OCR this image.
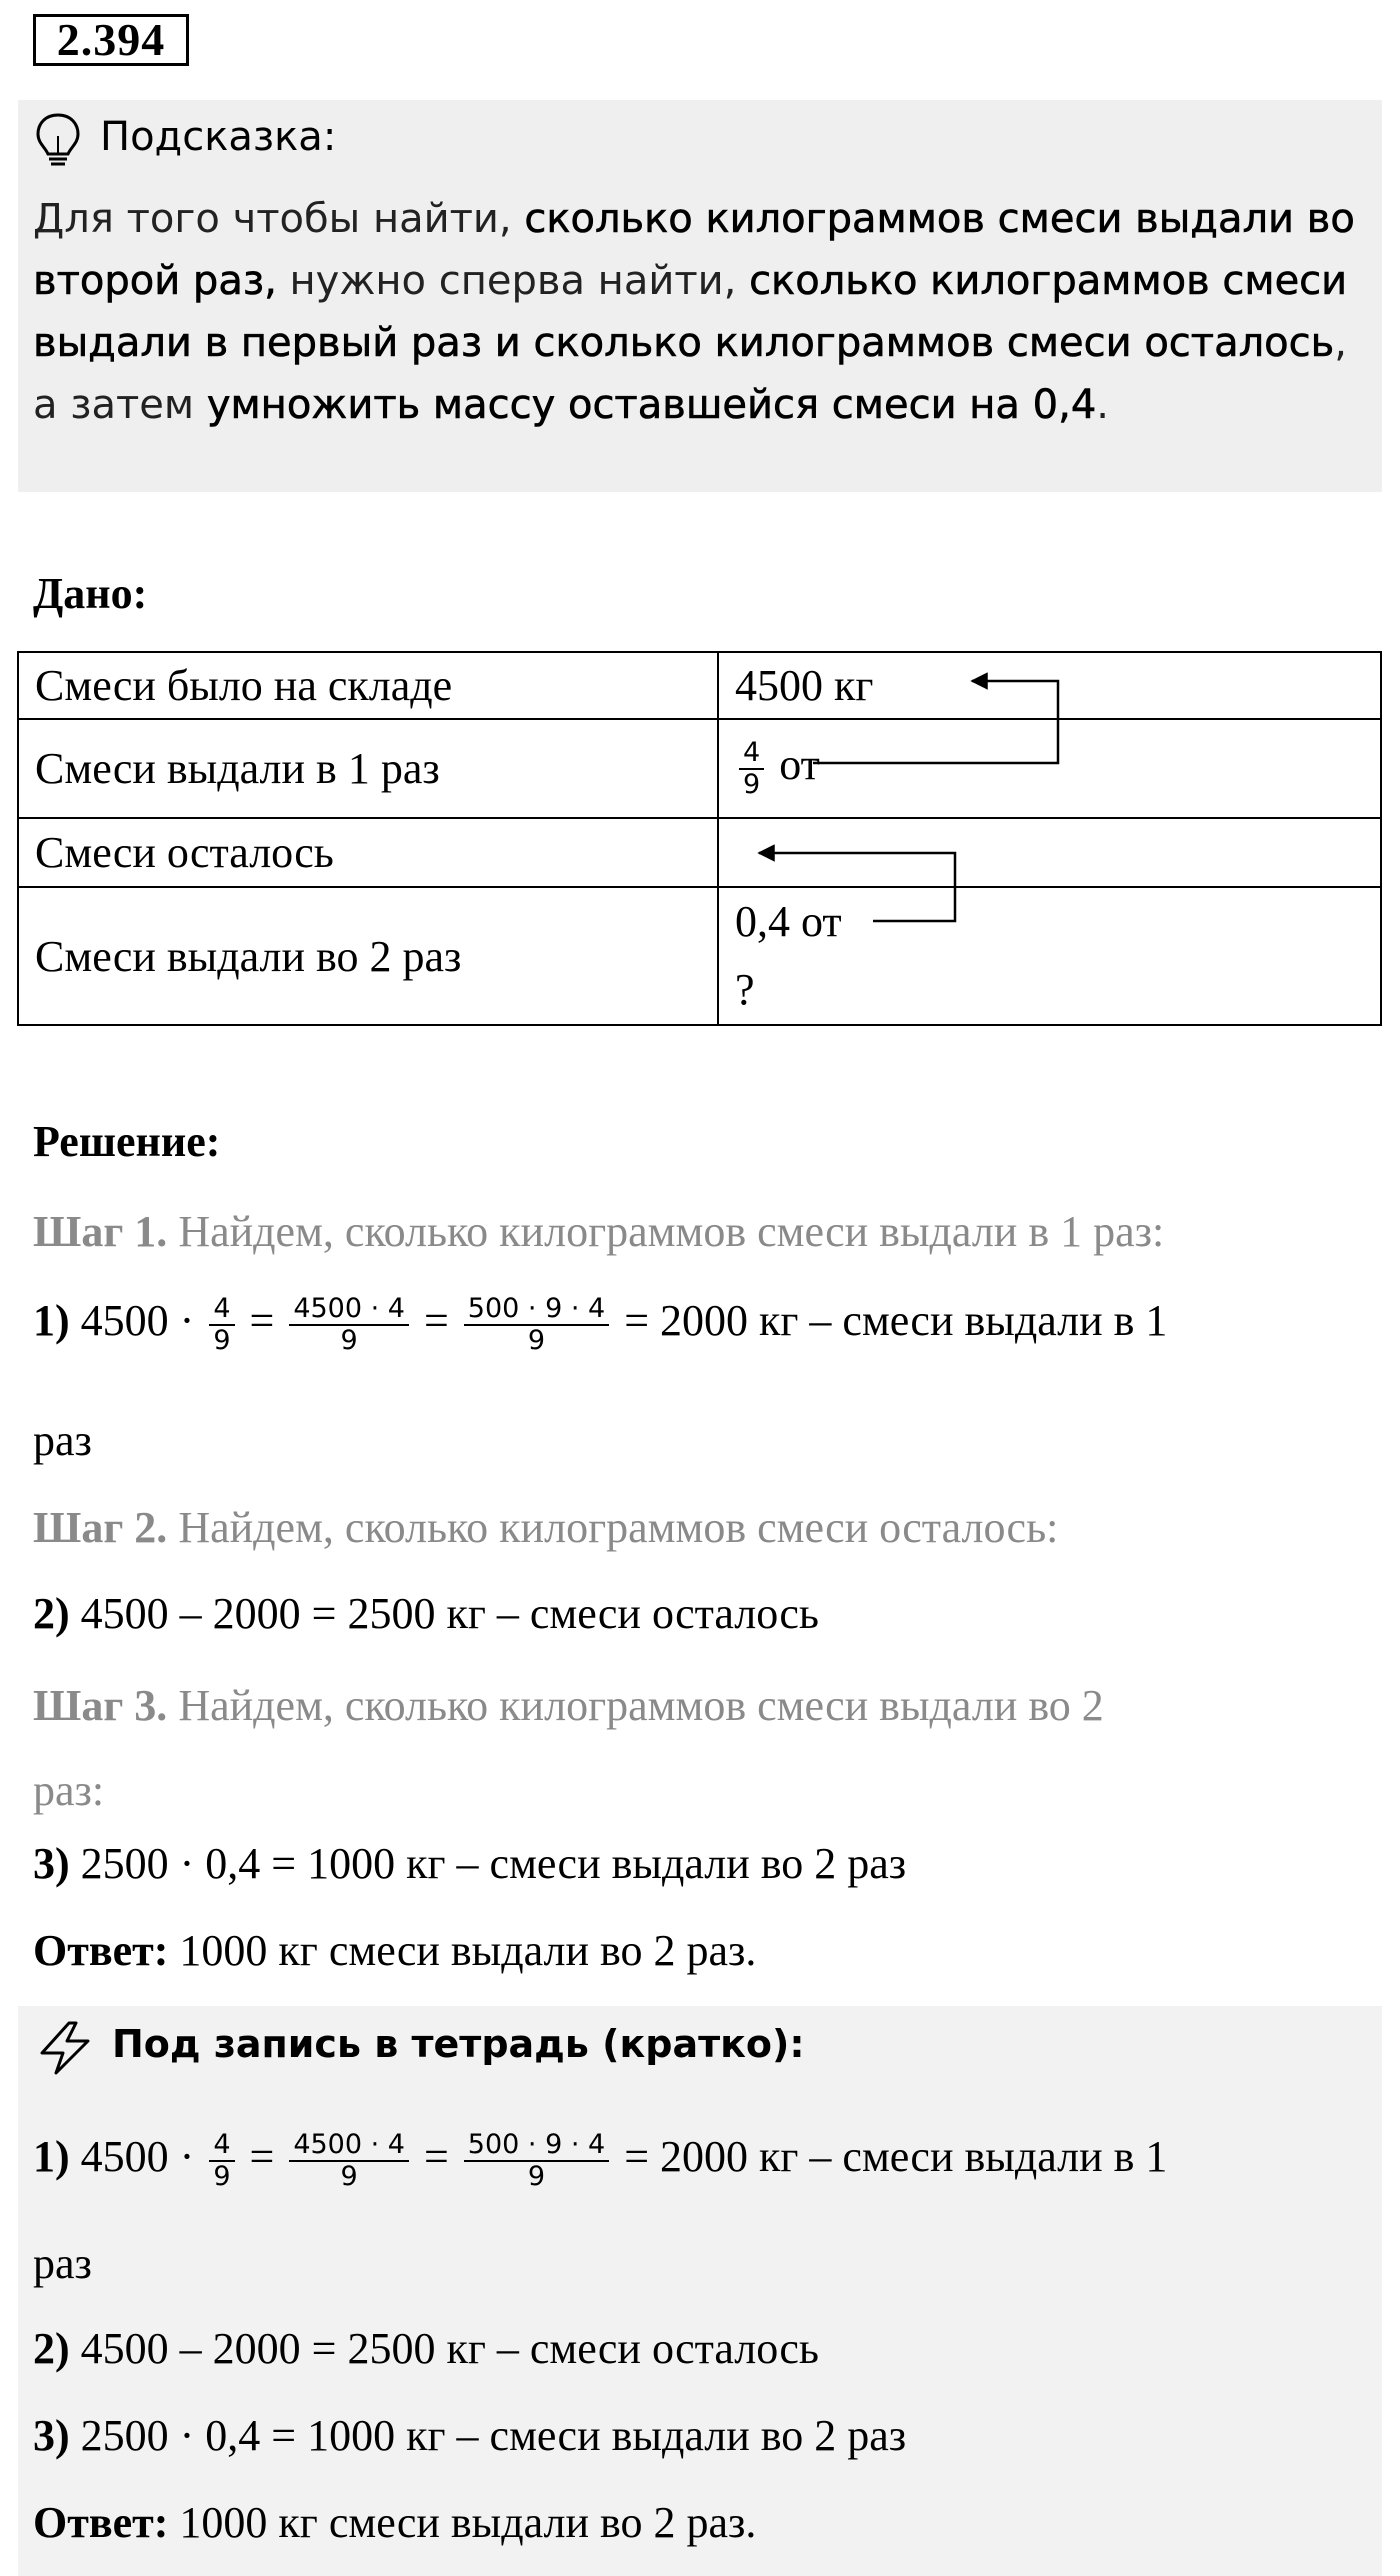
2.394
Подсказка:
Для того чтобы найти, сколько килограммов смеси выдали во второй раз, нужно сперва найти, сколько килограммов смеси выдали в первый раз и сколько килограммов смеси осталось, а затем умножить массу оставшейся смеси на 0,4.
Дано:
Смеси было на складе	4500 кг
Смеси выдали в 1 раз	$\frac{4}{9}$ от
Смеси осталось	
Смеси выдали во 2 раз	0,4 от
?
Решение:
Шаг 1. Найдем, сколько килограммов смеси выдали в 1 раз:
1) $4500 \cdot \frac{4}{9} = \frac{4500 \cdot 4}{9} = \frac{500 \cdot 9 \cdot 4}{9} = 2000$ кг – смеси выдали в 1
раз
Шаг 2. Найдем, сколько килограммов смеси осталось:
2) 4500 – 2000 = 2500 кг – смеси осталось
Шаг 3. Найдем, сколько килограммов смеси выдали во 2
раз:
3) 2500 · 0,4 = 1000 кг – смеси выдали во 2 раз
Ответ: 1000 кг смеси выдали во 2 раз.
Под запись в тетрадь (кратко):
1) $4500 \cdot \frac{4}{9} = \frac{4500 \cdot 4}{9} = \frac{500 \cdot 9 \cdot 4}{9} = 2000$ кг – смеси выдали в 1
раз
2) 4500 – 2000 = 2500 кг – смеси осталось
3) 2500 · 0,4 = 1000 кг – смеси выдали во 2 раз
Ответ: 1000 кг смеси выдали во 2 раз.
